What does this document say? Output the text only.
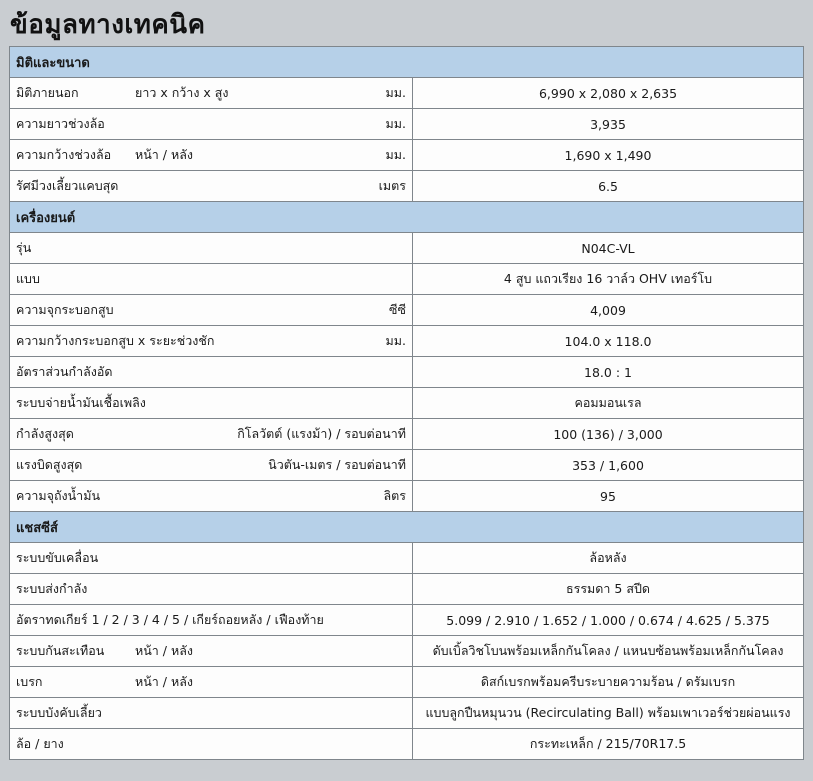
ข้อมูลทางเทคนิค
มิติและขนาด	

มิติภายนอก ยาว x กว้าง x สูง มม.	6,990 x 2,080 x 2,635

ความยาวช่วงล้อ มม.	3,935

ความกว้างช่วงล้อ หน้า / หลัง มม.	1,690 x 1,490

รัศมีวงเลี้ยวแคบสุด เมตร	6.5
เครื่องยนต์	

รุ่น	N04C-VL

แบบ	4 สูบ แถวเรียง 16 วาล์ว OHV เทอร์โบ

ความจุกระบอกสูบ ซีซี	4,009

ความกว้างกระบอกสูบ x ระยะช่วงชัก มม.	104.0 x 118.0

อัตราส่วนกำลังอัด	18.0 : 1

ระบบจ่ายน้ำมันเชื้อเพลิง	คอมมอนเรล

กำลังสูงสุด กิโลวัตต์ (แรงม้า) / รอบต่อนาที	100 (136) / 3,000

แรงบิดสูงสุด นิวตัน-เมตร / รอบต่อนาที	353 / 1,600

ความจุถังน้ำมัน ลิตร	95
แชสซีส์	

ระบบขับเคลื่อน	ล้อหลัง

ระบบส่งกำลัง	ธรรมดา 5 สปีด

อัตราทดเกียร์ 1 / 2 / 3 / 4 / 5 / เกียร์ถอยหลัง / เฟืองท้าย	5.099 / 2.910 / 1.652 / 1.000 / 0.674 / 4.625 / 5.375

ระบบกันสะเทือน หน้า / หลัง	ดับเบิ้ลวิชโบนพร้อมเหล็กกันโคลง / แหนบซ้อนพร้อมเหล็กกันโคลง

เบรก หน้า / หลัง	ดิสก์เบรกพร้อมครีบระบายความร้อน / ดรัมเบรก

ระบบบังคับเลี้ยว	แบบลูกปืนหมุนวน (Recirculating Ball) พร้อมเพาเวอร์ช่วยผ่อนแรง

ล้อ / ยาง	กระทะเหล็ก / 215/70R17.5
